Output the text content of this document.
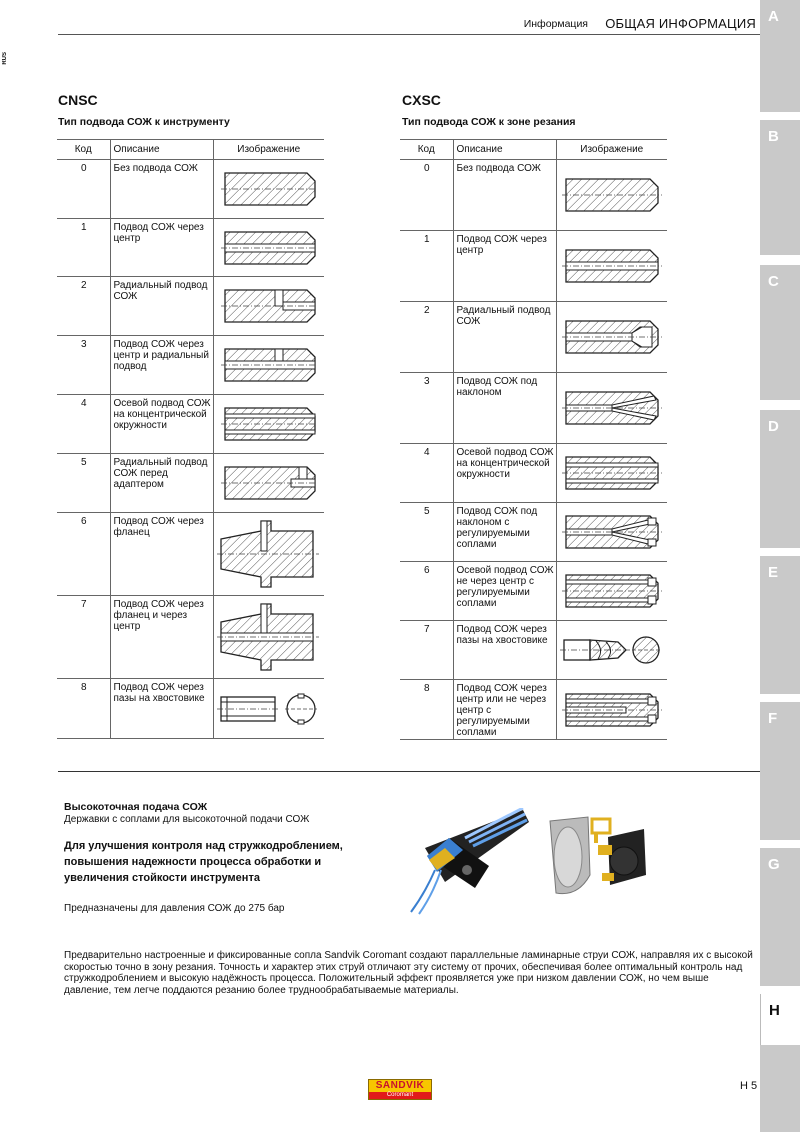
Информация ОБЩАЯ ИНФОРМАЦИЯ
RUS
A
B
C
D
E
F
G
H
CNSC
Тип подвода СОЖ к инструменту
Код	Описание	Изображение
0	Без подвода СОЖ	

1	Подвод СОЖ через центр	

2	Радиальный подвод СОЖ	

3	Подвод СОЖ через центр и радиальный подвод	

4	Осевой подвод СОЖ на концентрической окружности	

5	Радиальный подвод СОЖ перед адаптером	

6	Подвод СОЖ через фланец	

7	Подвод СОЖ через фланец и через центр	

8	Подвод СОЖ через пазы на хвостовике	
CXSC
Тип подвода СОЖ к зоне резания
Код	Описание	Изображение
0	Без подвода СОЖ	

1	Подвод СОЖ через центр	

2	Радиальный подвод СОЖ	

3	Подвод СОЖ под наклоном	

4	Осевой подвод СОЖ на концентрической окружности	

5	Подвод СОЖ под наклоном с регулируемыми соплами	

6	Осевой подвод СОЖ не через центр с регулируемыми соплами	

7	Подвод СОЖ через пазы на хвостовике	

8	Подвод СОЖ через центр или не через центр с регулируемыми соплами	
Высокоточная подача СОЖ
Державки с соплами для высокоточной подачи СОЖ
Для улучшения контроля над стружкодроблением, повышения надежности процесса обработки и увеличения стойкости инструмента
Предназначены для давления СОЖ до 275 бар
Предварительно настроенные и фиксированные сопла Sandvik Coromant создают параллельные ламинарные струи СОЖ, направляя их с высокой скоростью точно в зону резания. Точность и характер этих струй отличают эту систему от прочих, обеспечивая более оптимальный контроль над стружкодроблением и высокую надёжность процесса. Положительный эффект проявляется уже при низком давлении СОЖ, но чем выше давление, тем легче поддаются резанию более труднообрабатываемые материалы.
SANDVIK
Coromant
H 5
